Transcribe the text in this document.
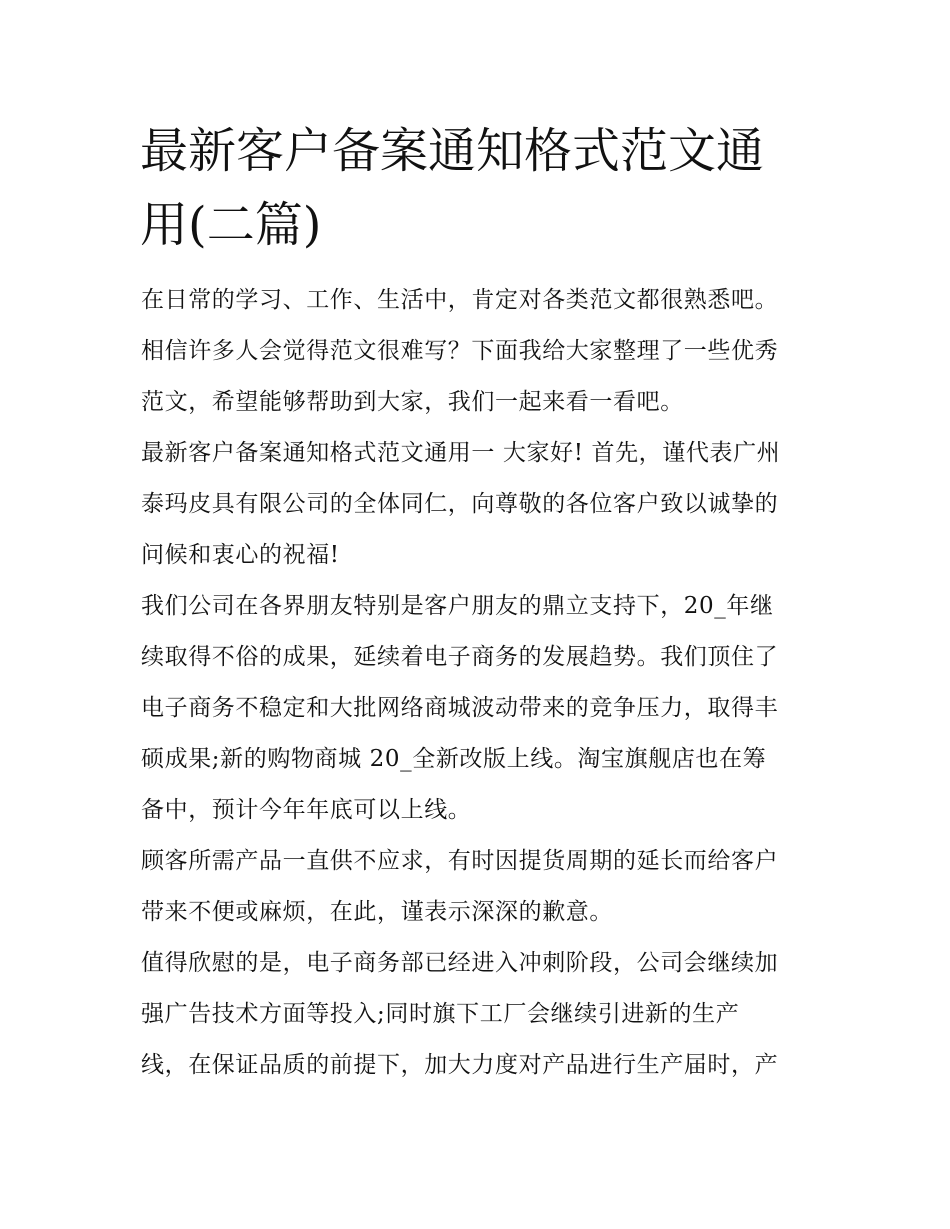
最新客户备案通知格式范文通
用(二篇)
在日常的学习、工作、生活中，肯定对各类范文都很熟悉吧。
相信许多人会觉得范文很难写？下面我给大家整理了一些优秀
范文，希望能够帮助到大家，我们一起来看一看吧。
最新客户备案通知格式范文通用一 大家好! 首先，谨代表广州
泰玛皮具有限公司的全体同仁，向尊敬的各位客户致以诚挚的
问候和衷心的祝福!
我们公司在各界朋友特别是客户朋友的鼎立支持下，20_年继
续取得不俗的成果，延续着电子商务的发展趋势。我们顶住了
电子商务不稳定和大批网络商城波动带来的竞争压力，取得丰
硕成果;新的购物商城 20_全新改版上线。淘宝旗舰店也在筹
备中，预计今年年底可以上线。
顾客所需产品一直供不应求，有时因提货周期的延长而给客户
带来不便或麻烦，在此，谨表示深深的歉意。
值得欣慰的是，电子商务部已经进入冲刺阶段，公司会继续加
强广告技术方面等投入;同时旗下工厂会继续引进新的生产
线，在保证品质的前提下，加大力度对产品进行生产届时，产
